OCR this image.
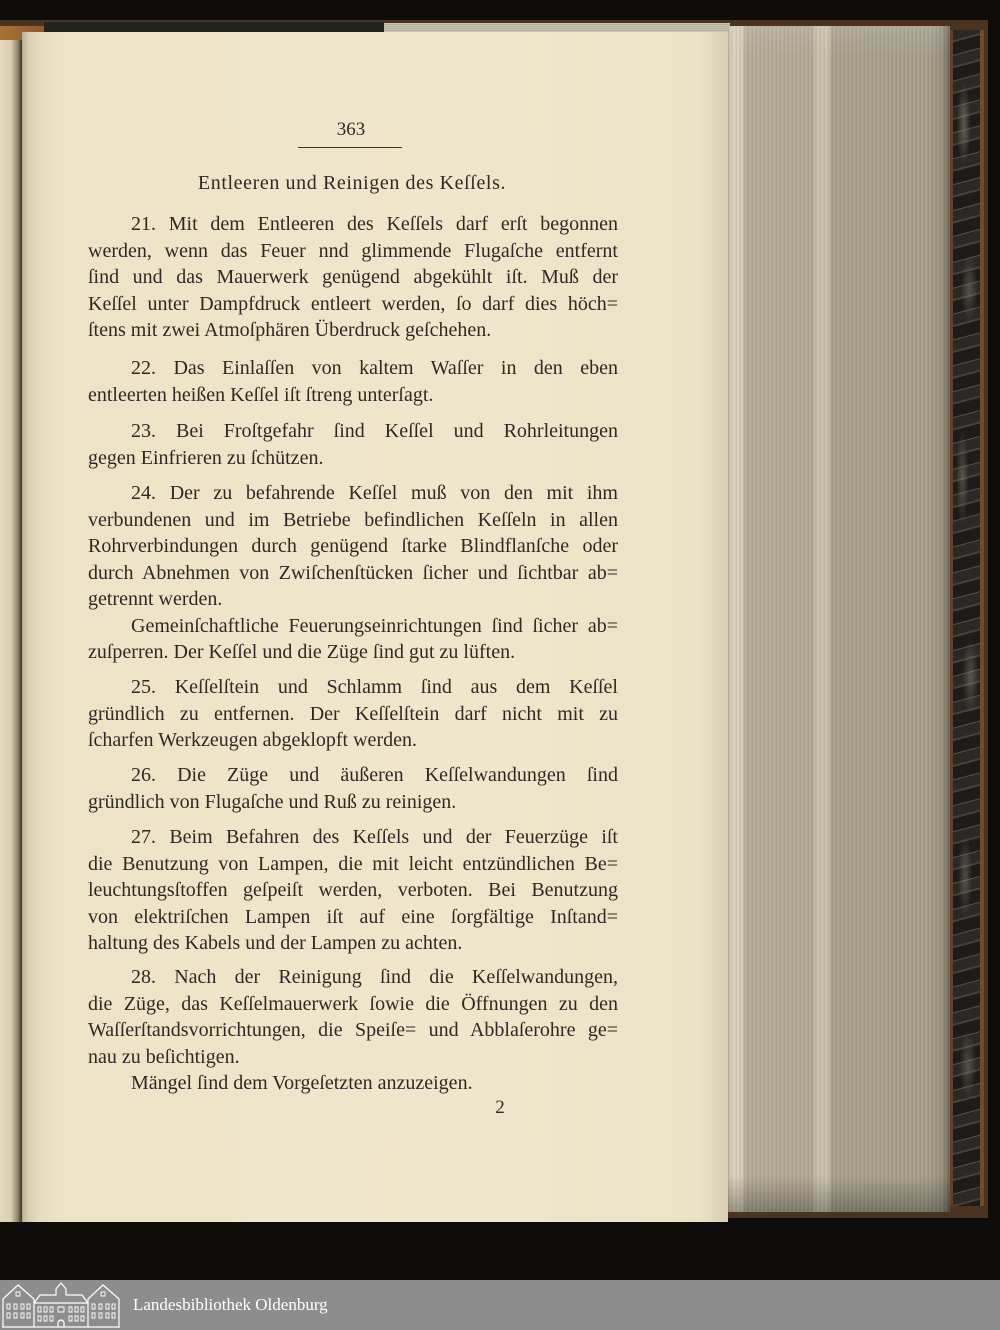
363
Entleeren und Reinigen des Keſſels.
21. Mit dem Entleeren des Keſſels darf erſt begonnen
werden, wenn das Feuer nnd glimmende Flugaſche entfernt
ſind und das Mauerwerk genügend abgekühlt iſt. Muß der
Keſſel unter Dampfdruck entleert werden, ſo darf dies höch=
ſtens mit zwei Atmoſphären Überdruck geſchehen.
22. Das Einlaſſen von kaltem Waſſer in den eben
entleerten heißen Keſſel iſt ſtreng unterſagt.
23. Bei Froſtgefahr ſind Keſſel und Rohrleitungen
gegen Einfrieren zu ſchützen.
24. Der zu befahrende Keſſel muß von den mit ihm
verbundenen und im Betriebe befindlichen Keſſeln in allen
Rohrverbindungen durch genügend ſtarke Blindflanſche oder
durch Abnehmen von Zwiſchenſtücken ſicher und ſichtbar ab=
getrennt werden.
Gemeinſchaftliche Feuerungseinrichtungen ſind ſicher ab=
zuſperren. Der Keſſel und die Züge ſind gut zu lüften.
25. Keſſelſtein und Schlamm ſind aus dem Keſſel
gründlich zu entfernen. Der Keſſelſtein darf nicht mit zu
ſcharfen Werkzeugen abgeklopft werden.
26. Die Züge und äußeren Keſſelwandungen ſind
gründlich von Flugaſche und Ruß zu reinigen.
27. Beim Befahren des Keſſels und der Feuerzüge iſt
die Benutzung von Lampen, die mit leicht entzündlichen Be=
leuchtungsſtoffen geſpeiſt werden, verboten. Bei Benutzung
von elektriſchen Lampen iſt auf eine ſorgfältige Inſtand=
haltung des Kabels und der Lampen zu achten.
28. Nach der Reinigung ſind die Keſſelwandungen,
die Züge, das Keſſelmauerwerk ſowie die Öffnungen zu den
Waſſerſtandsvorrichtungen, die Speiſe= und Abblaſerohre ge=
nau zu beſichtigen.
Mängel ſind dem Vorgeſetzten anzuzeigen.
2
Landesbibliothek Oldenburg
